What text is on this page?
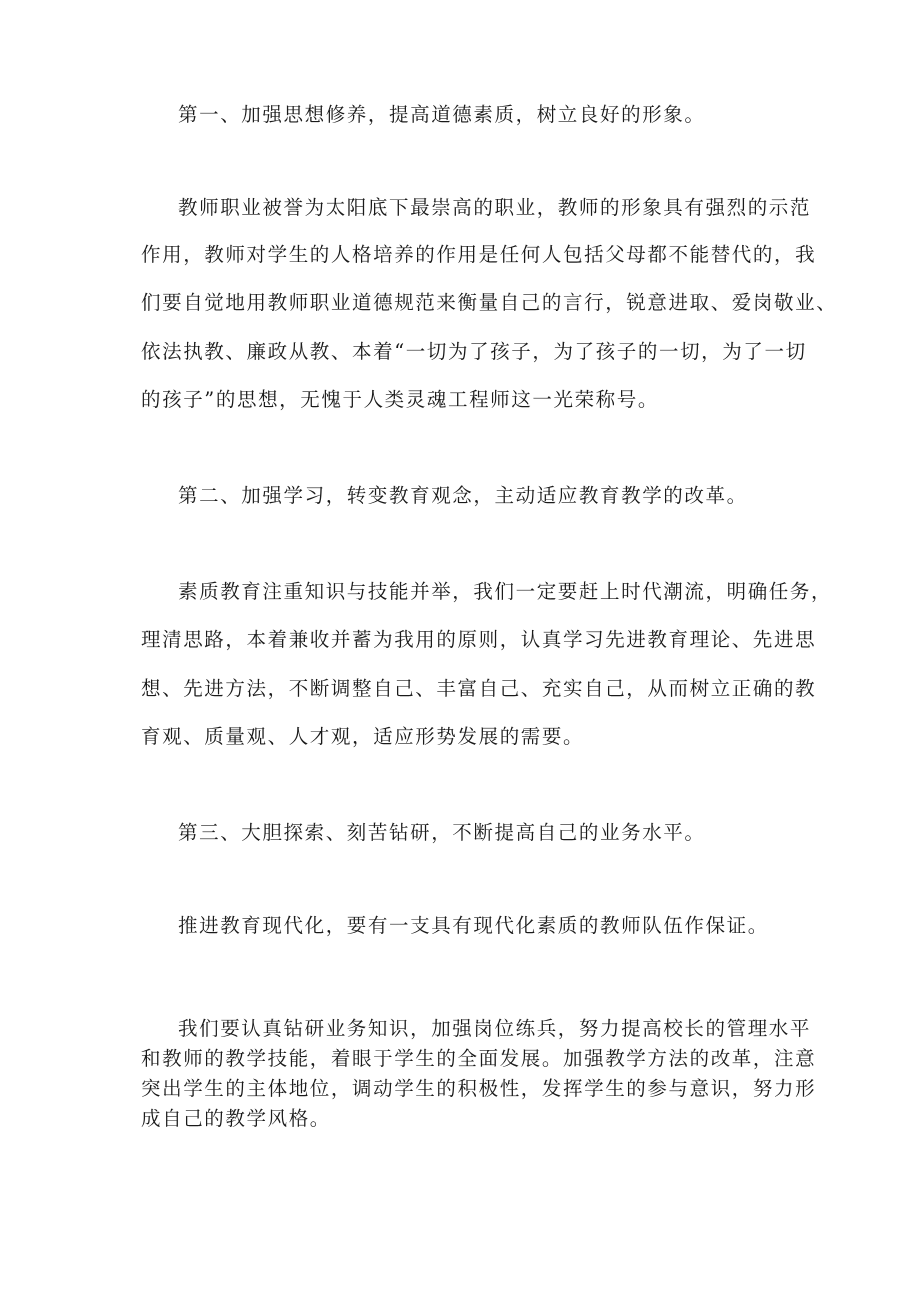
第一、加强思想修养，提高道德素质，树立良好的形象。
教师职业被誉为太阳底下最崇高的职业，教师的形象具有强烈的示范
作用，教师对学生的人格培养的作用是任何人包括父母都不能替代的，我
们要自觉地用教师职业道德规范来衡量自己的言行，锐意进取、爱岗敬业、
依法执教、廉政从教、本着“一切为了孩子，为了孩子的一切，为了一切
的孩子”的思想，无愧于人类灵魂工程师这一光荣称号。
第二、加强学习，转变教育观念，主动适应教育教学的改革。
素质教育注重知识与技能并举，我们一定要赶上时代潮流，明确任务，
理清思路，本着兼收并蓄为我用的原则，认真学习先进教育理论、先进思
想、先进方法，不断调整自己、丰富自己、充实自己，从而树立正确的教
育观、质量观、人才观，适应形势发展的需要。
第三、大胆探索、刻苦钻研，不断提高自己的业务水平。
推进教育现代化，要有一支具有现代化素质的教师队伍作保证。
我们要认真钻研业务知识，加强岗位练兵，努力提高校长的管理水平
和教师的教学技能，着眼于学生的全面发展。加强教学方法的改革，注意
突出学生的主体地位，调动学生的积极性，发挥学生的参与意识，努力形
成自己的教学风格。
